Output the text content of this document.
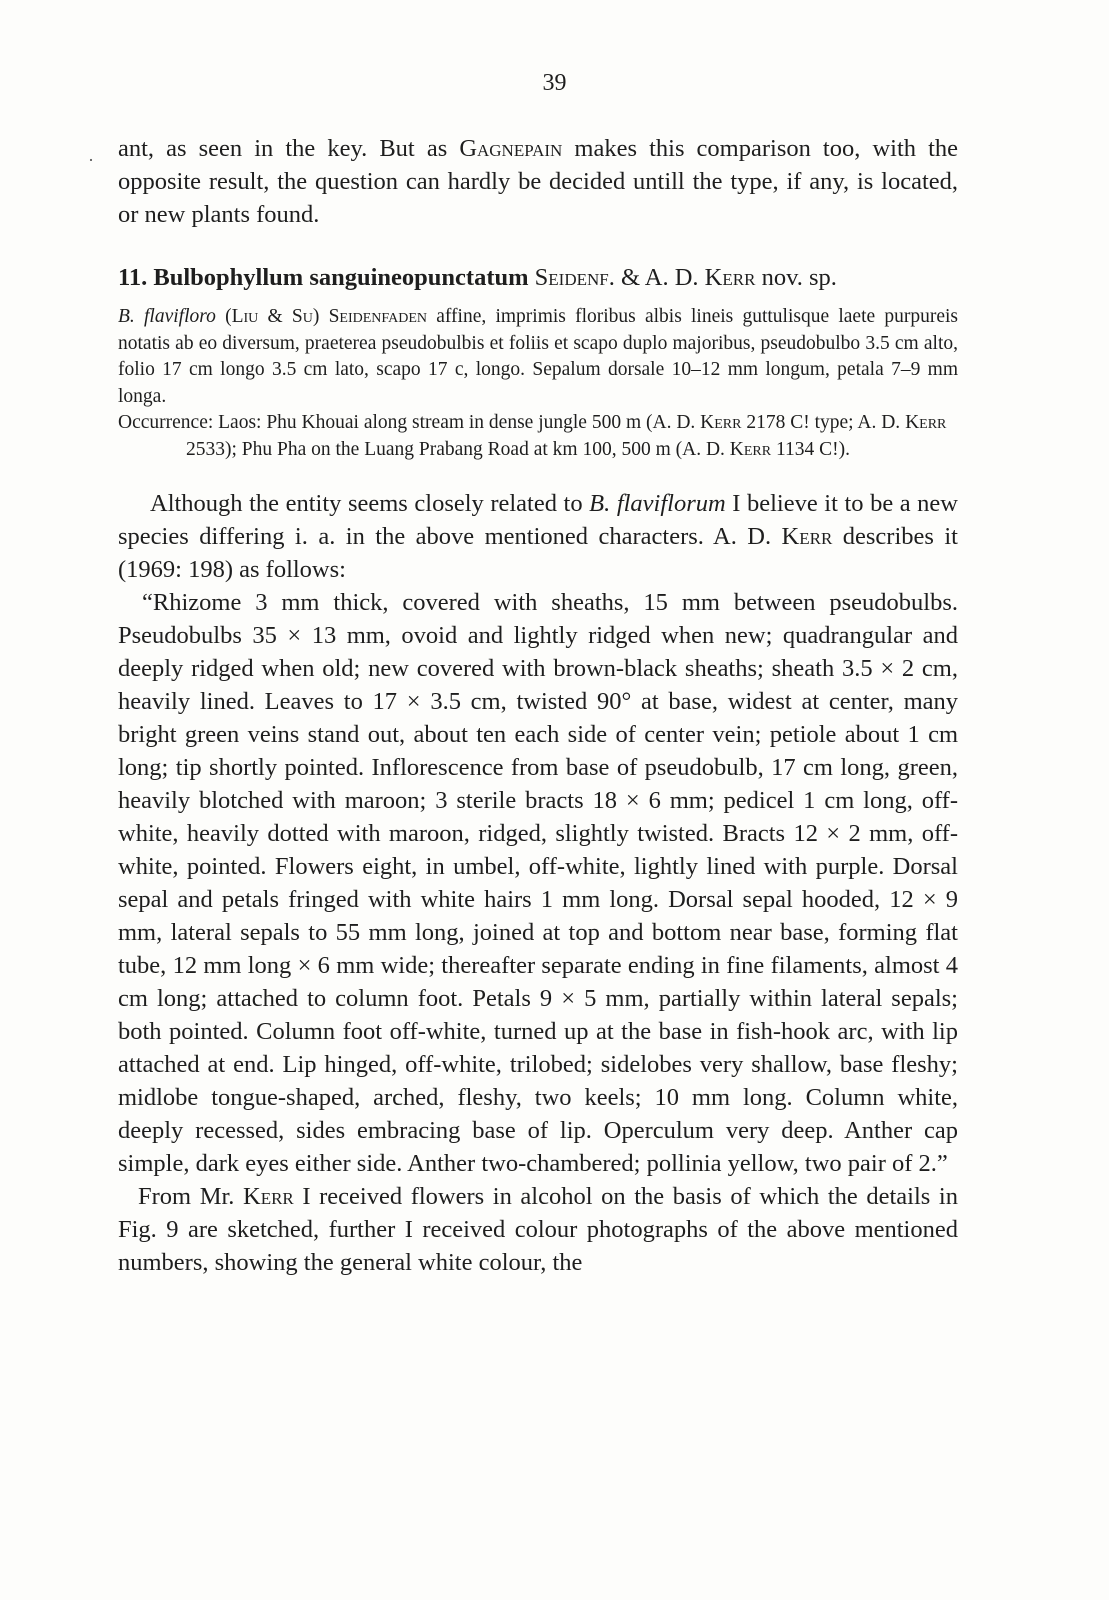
39
· ant, as seen in the key. But as Gagnepain makes this comparison too, with the opposite result, the question can hardly be decided untill the type, if any, is located, or new plants found.

11. Bulbophyllum sanguineopunctatum Seidenf. & A. D. Kerr nov. sp.

B. flavifloro (Liu & Su) Seidenfaden affine, imprimis floribus albis lineis guttulisque laete purpureis notatis ab eo diversum, praeterea pseudobulbis et foliis et scapo duplo majoribus, pseudobulbo 3.5 cm alto, folio 17 cm longo 3.5 cm lato, scapo 17 c, longo. Sepalum dorsale 10–12 mm longum, petala 7–9 mm longa.

Occurrence: Laos: Phu Khouai along stream in dense jungle 500 m (A. D. Kerr 2178 C! type; A. D. Kerr 2533); Phu Pha on the Luang Prabang Road at km 100, 500 m (A. D. Kerr 1134 C!).

Although the entity seems closely related to B. flaviflorum I believe it to be a new species differing i. a. in the above mentioned characters. A. D. Kerr describes it (1969: 198) as follows:

“Rhizome 3 mm thick, covered with sheaths, 15 mm between pseudobulbs. Pseudobulbs 35 × 13 mm, ovoid and lightly ridged when new; quadrangular and deeply ridged when old; new covered with brown-black sheaths; sheath 3.5 × 2 cm, heavily lined. Leaves to 17 × 3.5 cm, twisted 90° at base, widest at center, many bright green veins stand out, about ten each side of center vein; petiole about 1 cm long; tip shortly pointed. Inflorescence from base of pseudobulb, 17 cm long, green, heavily blotched with maroon; 3 sterile bracts 18 × 6 mm; pedicel 1 cm long, off-white, heavily dotted with maroon, ridged, slightly twisted. Bracts 12 × 2 mm, off-white, pointed. Flowers eight, in umbel, off-white, lightly lined with purple. Dorsal sepal and petals fringed with white hairs 1 mm long. Dorsal sepal hooded, 12 × 9 mm, lateral sepals to 55 mm long, joined at top and bottom near base, forming flat tube, 12 mm long × 6 mm wide; thereafter separate ending in fine filaments, almost 4 cm long; attached to column foot. Petals 9 × 5 mm, partially within lateral sepals; both pointed. Column foot off-white, turned up at the base in fish-hook arc, with lip attached at end. Lip hinged, off-white, trilobed; sidelobes very shallow, base fleshy; midlobe tongue-shaped, arched, fleshy, two keels; 10 mm long. Column white, deeply recessed, sides embracing base of lip. Operculum very deep. Anther cap simple, dark eyes either side. Anther two-chambered; pollinia yellow, two pair of 2.”

From Mr. Kerr I received flowers in alcohol on the basis of which the details in Fig. 9 are sketched, further I received colour photographs of the above mentioned numbers, showing the general white colour, the
